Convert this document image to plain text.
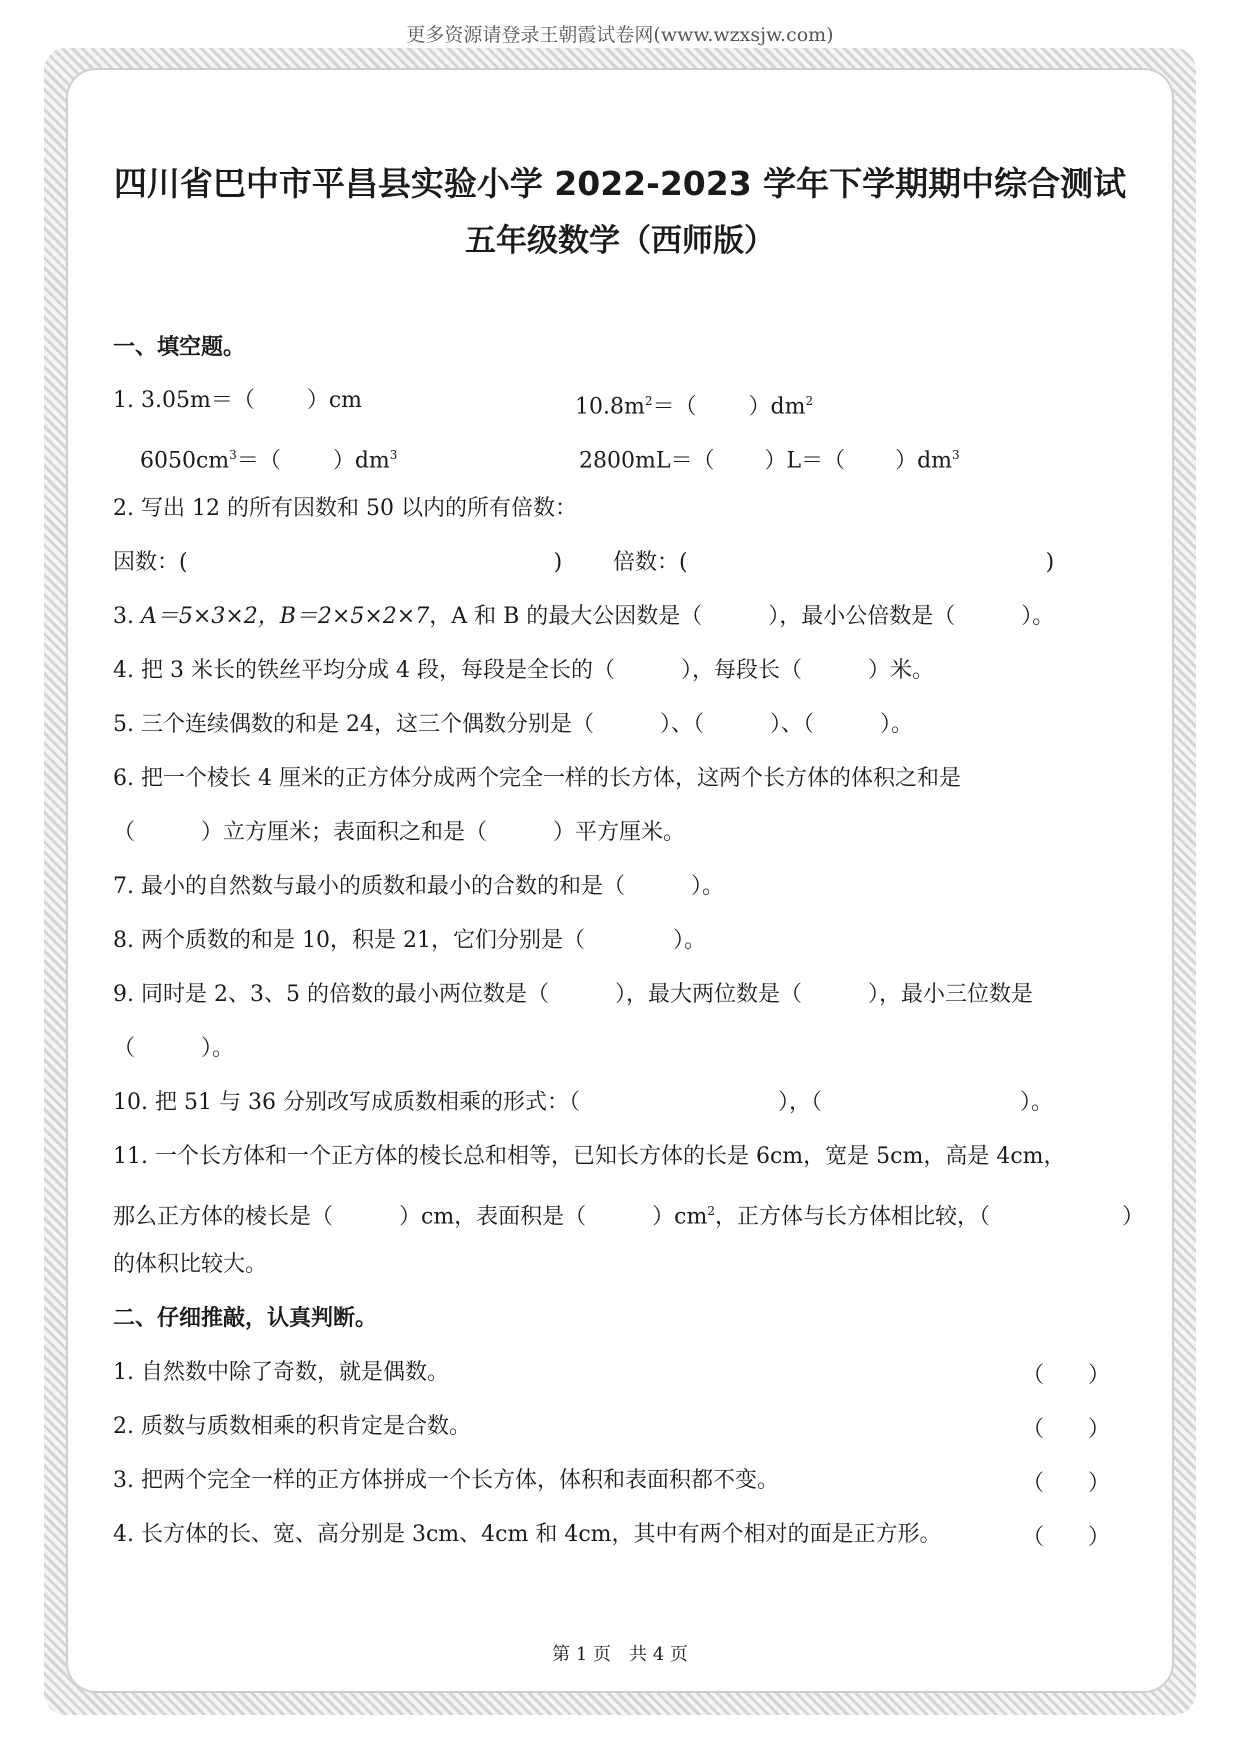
更多资源请登录王朝霞试卷网(www.wzxsjw.com)
四川省巴中市平昌县实验小学 2022-2023 学年下学期期中综合测试
五年级数学（西师版）
一、填空题。
1. 3.05m＝（ ）cm	$10.8m^2=$（ ）$dm^2$
$6050cm^3=$（ ）$dm^3$	2800mL＝（ ）L＝（ ）$dm^3$
2. 写出 12 的所有因数和 50 以内的所有倍数：
因数：(	) 倍数：(	)
3. A＝5×3×2，B＝2×5×2×7，A 和 B 的最大公因数是（　　　），最小公倍数是（　　　）。
4. 把 3 米长的铁丝平均分成 4 段，每段是全长的（　　　），每段长（　　　）米。
5. 三个连续偶数的和是 24，这三个偶数分别是（　　　）、（　　　）、（　　　）。
6. 把一个棱长 4 厘米的正方体分成两个完全一样的长方体，这两个长方体的体积之和是
（　　　）立方厘米；表面积之和是（　　　）平方厘米。
7. 最小的自然数与最小的质数和最小的合数的和是（　　　）。
8. 两个质数的和是 10，积是 21，它们分别是（　　　　）。
9. 同时是 2、3、5 的倍数的最小两位数是（　　　），最大两位数是（　　　），最小三位数是
（　　　）。
10. 把 51 与 36 分别改写成质数相乘的形式：（　　　　　　　　　），（　　　　　　　　　）。
11. 一个长方体和一个正方体的棱长总和相等，已知长方体的长是 6cm，宽是 5cm，高是 4cm，
那么正方体的棱长是（　　　）cm，表面积是（　　　）$cm^2$，正方体与长方体相比较，（　　　　　　）
的体积比较大。
二、仔细推敲，认真判断。
1. 自然数中除了奇数，就是偶数。	（　　）
2. 质数与质数相乘的积肯定是合数。	（　　）
3. 把两个完全一样的正方体拼成一个长方体，体积和表面积都不变。	（　　）
4. 长方体的长、宽、高分别是 3cm、4cm 和 4cm，其中有两个相对的面是正方形。	（　　）
第 1 页　共 4 页
